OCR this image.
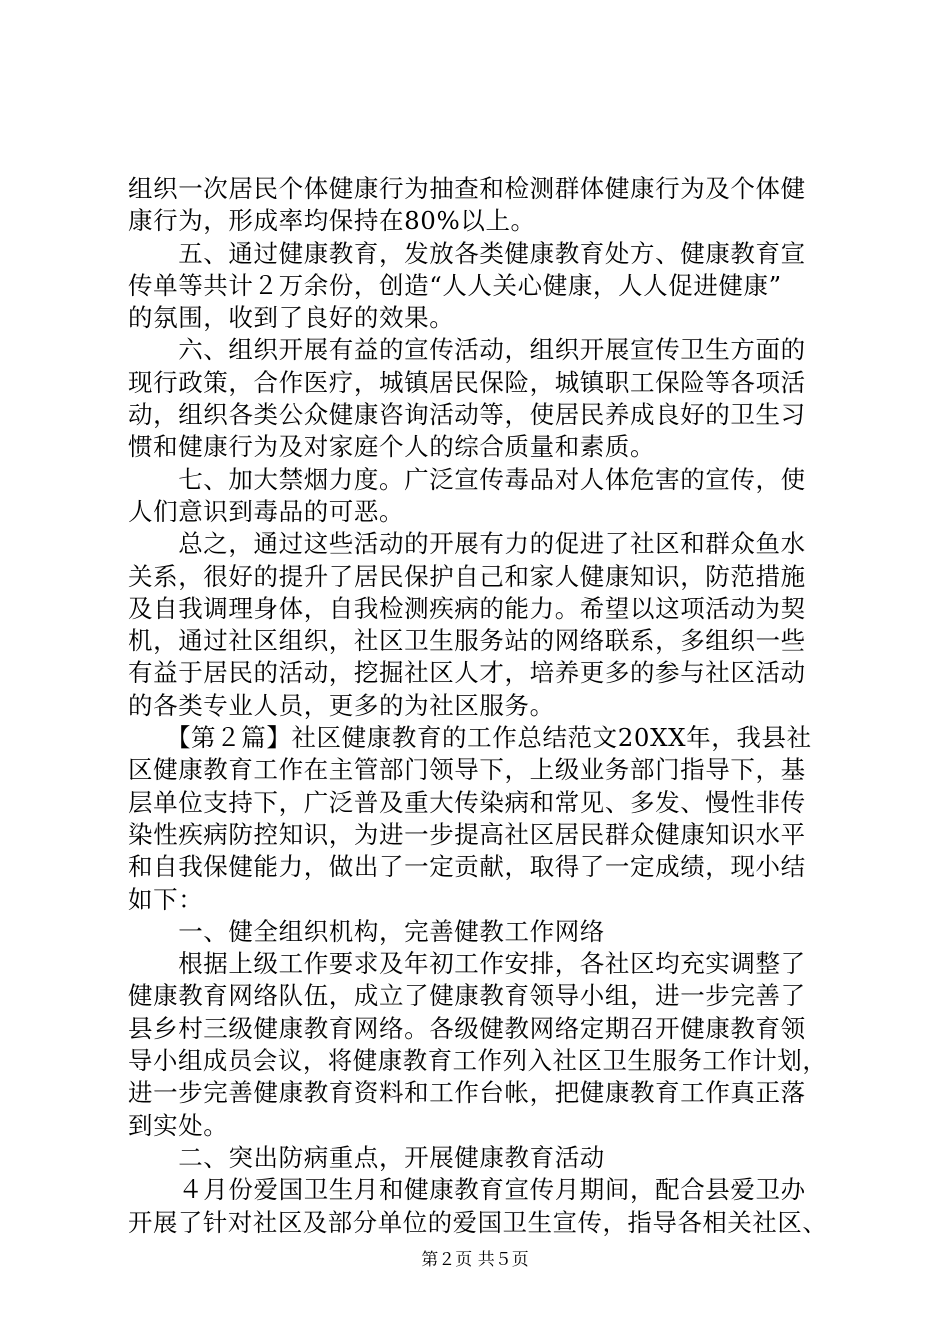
组织一次居民个体健康行为抽查和检测群体健康行为及个体健
康行为，形成率均保持在80%以上。
　　五、通过健康教育，发放各类健康教育处方、健康教育宣
传单等共计２万余份，创造“人人关心健康，人人促进健康”
的氛围，收到了良好的效果。
　　六、组织开展有益的宣传活动，组织开展宣传卫生方面的
现行政策，合作医疗，城镇居民保险，城镇职工保险等各项活
动，组织各类公众健康咨询活动等，使居民养成良好的卫生习
惯和健康行为及对家庭个人的综合质量和素质。
　　七、加大禁烟力度。广泛宣传毒品对人体危害的宣传，使
人们意识到毒品的可恶。
　　总之，通过这些活动的开展有力的促进了社区和群众鱼水
关系，很好的提升了居民保护自己和家人健康知识，防范措施
及自我调理身体，自我检测疾病的能力。希望以这项活动为契
机，通过社区组织，社区卫生服务站的网络联系，多组织一些
有益于居民的活动，挖掘社区人才，培养更多的参与社区活动
的各类专业人员，更多的为社区服务。
　　【第２篇】社区健康教育的工作总结范文20XX年，我县社
区健康教育工作在主管部门领导下，上级业务部门指导下，基
层单位支持下，广泛普及重大传染病和常见、多发、慢性非传
染性疾病防控知识，为进一步提高社区居民群众健康知识水平
和自我保健能力，做出了一定贡献，取得了一定成绩，现小结
如下：
　　一、健全组织机构，完善健教工作网络
　　根据上级工作要求及年初工作安排，各社区均充实调整了
健康教育网络队伍，成立了健康教育领导小组，进一步完善了
县乡村三级健康教育网络。各级健教网络定期召开健康教育领
导小组成员会议，将健康教育工作列入社区卫生服务工作计划，
进一步完善健康教育资料和工作台帐，把健康教育工作真正落
到实处。
　　二、突出防病重点，开展健康教育活动
　　４月份爱国卫生月和健康教育宣传月期间，配合县爱卫办
开展了针对社区及部分单位的爱国卫生宣传，指导各相关社区、
第２页 共５页
